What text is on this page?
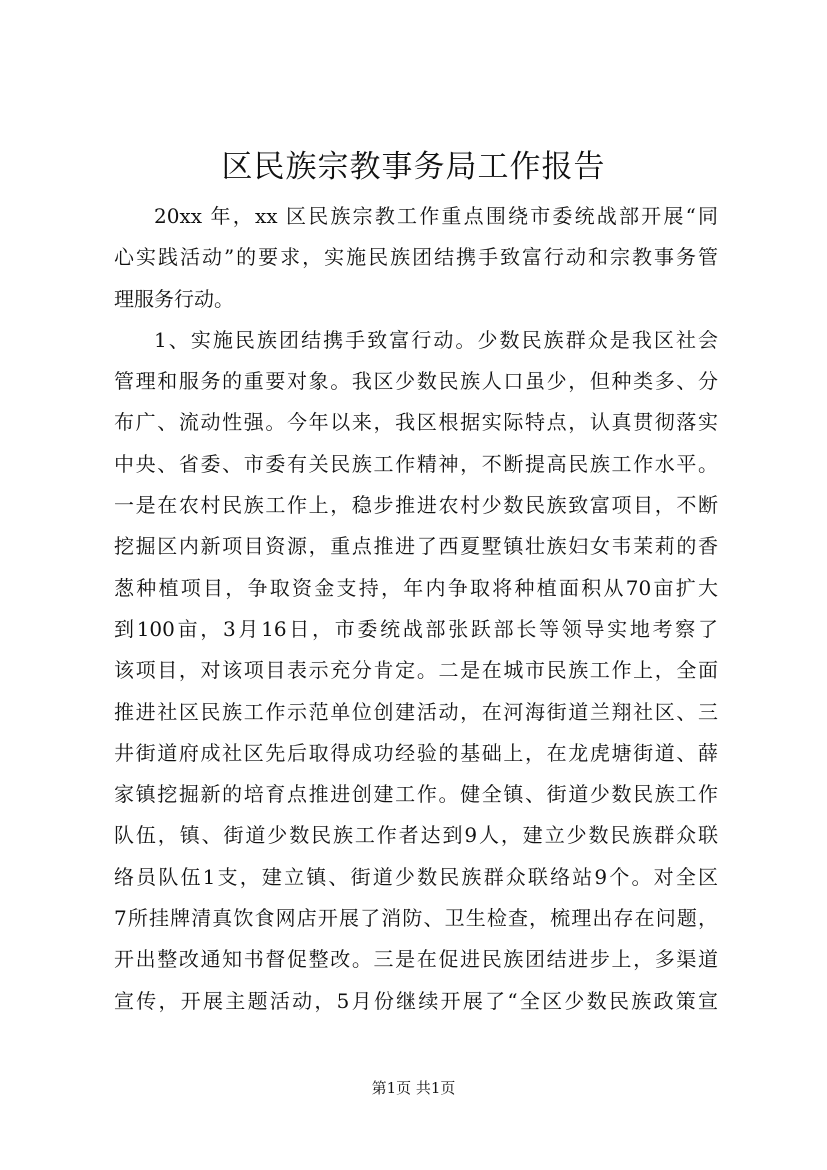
区民族宗教事务局工作报告
20xx 年，xx 区民族宗教工作重点围绕市委统战部开展“同
心实践活动”的要求，实施民族团结携手致富行动和宗教事务管
理服务行动。
1、实施民族团结携手致富行动。少数民族群众是我区社会
管理和服务的重要对象。我区少数民族人口虽少，但种类多、分
布广、流动性强。今年以来，我区根据实际特点，认真贯彻落实
中央、省委、市委有关民族工作精神，不断提高民族工作水平。
一是在农村民族工作上，稳步推进农村少数民族致富项目，不断
挖掘区内新项目资源，重点推进了西夏墅镇壮族妇女韦茉莉的香
葱种植项目，争取资金支持，年内争取将种植面积从70亩扩大
到100亩，3月16日，市委统战部张跃部长等领导实地考察了
该项目，对该项目表示充分肯定。二是在城市民族工作上，全面
推进社区民族工作示范单位创建活动，在河海街道兰翔社区、三
井街道府成社区先后取得成功经验的基础上，在龙虎塘街道、薛
家镇挖掘新的培育点推进创建工作。健全镇、街道少数民族工作
队伍，镇、街道少数民族工作者达到9人，建立少数民族群众联
络员队伍1支，建立镇、街道少数民族群众联络站9个。对全区
7所挂牌清真饮食网店开展了消防、卫生检查，梳理出存在问题，
开出整改通知书督促整改。三是在促进民族团结进步上，多渠道
宣传，开展主题活动，5月份继续开展了“全区少数民族政策宣
第1页 共1页
